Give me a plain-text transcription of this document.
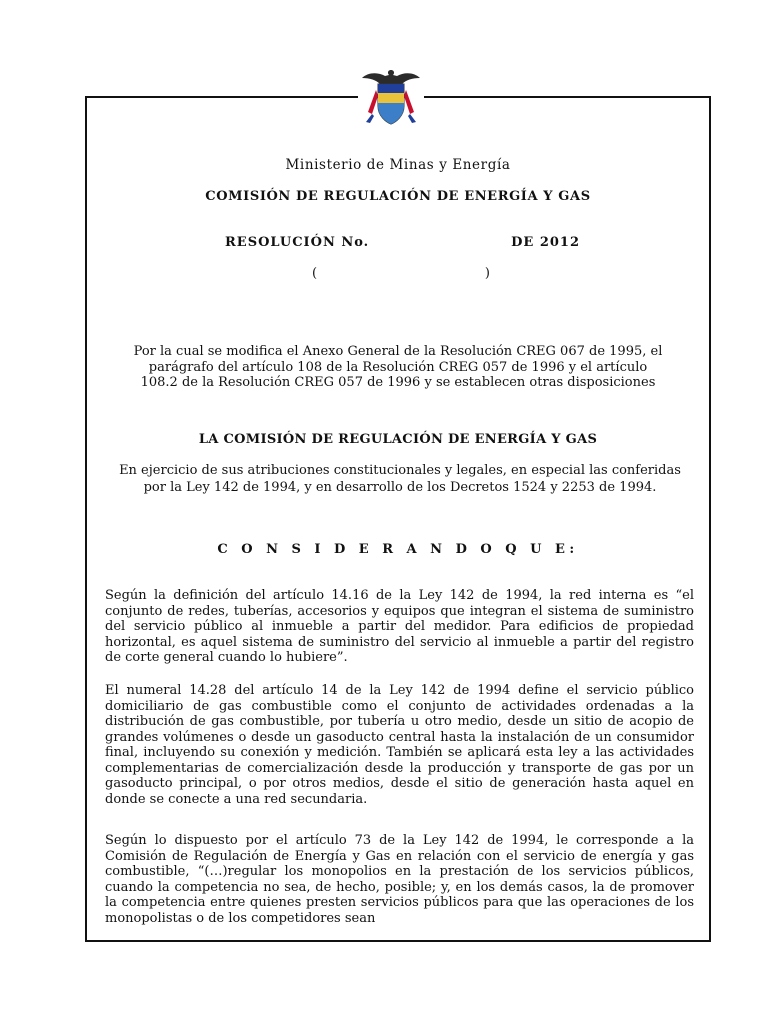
Ministerio de Minas y Energía
COMISIÓN DE REGULACIÓN DE ENERGÍA Y GAS
RESOLUCIÓN No.	DE 2012
(	)
Por la cual se modifica el Anexo General de la Resolución CREG 067 de 1995, el parágrafo del artículo 108 de la Resolución CREG 057 de 1996 y el artículo 108.2 de la Resolución CREG 057 de 1996 y se establecen otras disposiciones
LA COMISIÓN DE REGULACIÓN DE ENERGÍA Y GAS
En ejercicio de sus atribuciones constitucionales y legales, en especial las conferidas por la Ley 142 de 1994, y en desarrollo de los Decretos 1524 y 2253 de 1994.
C O N S I D E R A N D O Q U E:
Según la definición del artículo 14.16 de la Ley 142 de 1994, la red interna es “el conjunto de redes, tuberías, accesorios y equipos que integran el sistema de suministro del servicio público al inmueble a partir del medidor. Para edificios de propiedad horizontal, es aquel sistema de suministro del servicio al inmueble a partir del registro de corte general cuando lo hubiere”.
El numeral 14.28 del artículo 14 de la Ley 142 de 1994 define el servicio público domiciliario de gas combustible como el conjunto de actividades ordenadas a la distribución de gas combustible, por tubería u otro medio, desde un sitio de acopio de grandes volúmenes o desde un gasoducto central hasta la instalación de un consumidor final, incluyendo su conexión y medición. También se aplicará esta ley a las actividades complementarias de comercialización desde la producción y transporte de gas por un gasoducto principal, o por otros medios, desde el sitio de generación hasta aquel en donde se conecte a una red secundaria.
Según lo dispuesto por el artículo 73 de la Ley 142 de 1994, le corresponde a la Comisión de Regulación de Energía y Gas en relación con el servicio de energía y gas combustible, “(…)regular los monopolios en la prestación de los servicios públicos, cuando la competencia no sea, de hecho, posible; y, en los demás casos, la de promover la competencia entre quienes presten servicios públicos para que las operaciones de los monopolistas o de los competidores sean
